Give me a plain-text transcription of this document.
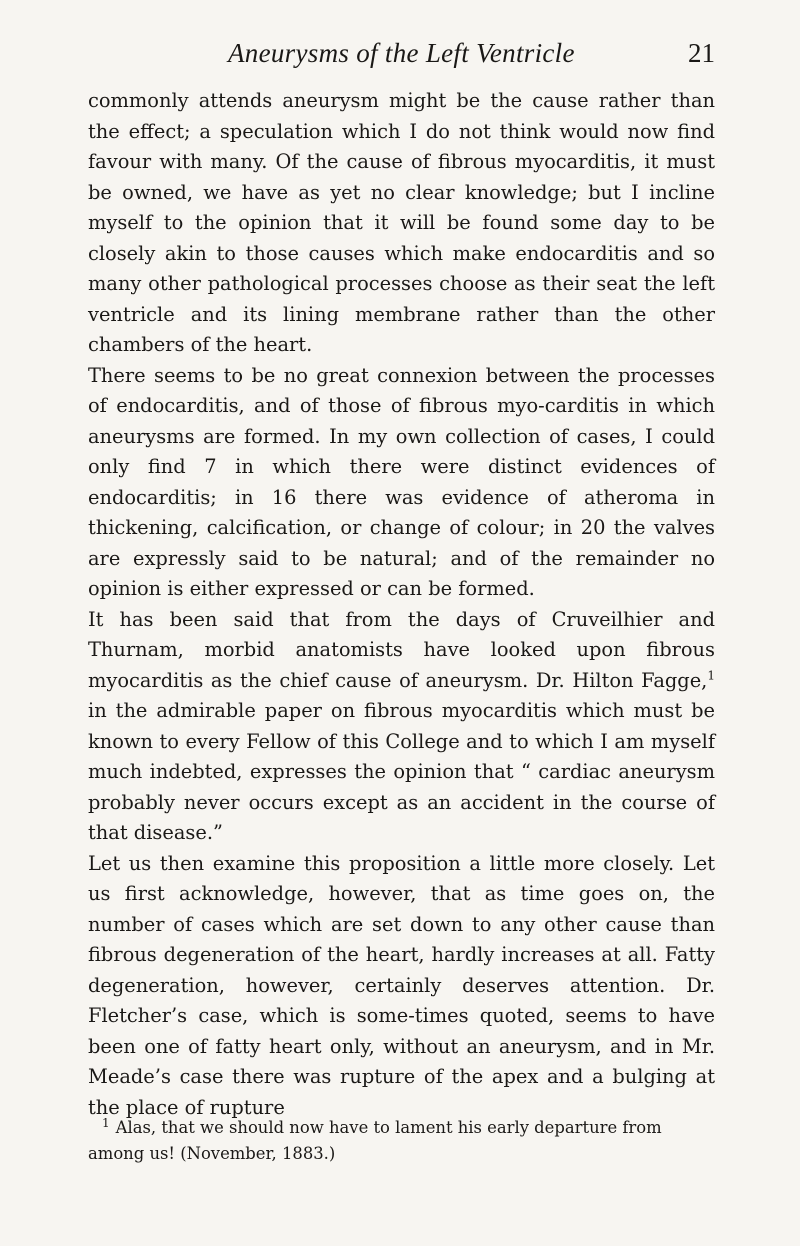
Aneurysms of the Left Ventricle	21

commonly attends aneurysm might be the cause rather than the effect; a speculation which I do not think would now find favour with many. Of the cause of fibrous myocarditis, it must be owned, we have as yet no clear knowledge; but I incline myself to the opinion that it will be found some day to be closely akin to those causes which make endocarditis and so many other pathological processes choose as their seat the left ventricle and its lining membrane rather than the other chambers of the heart.

There seems to be no great connexion between the processes of endocarditis, and of those of fibrous myo-carditis in which aneurysms are formed. In my own collection of cases, I could only find 7 in which there were distinct evidences of endocarditis; in 16 there was evidence of atheroma in thickening, calcification, or change of colour; in 20 the valves are expressly said to be natural; and of the remainder no opinion is either expressed or can be formed.

It has been said that from the days of Cruveilhier and Thurnam, morbid anatomists have looked upon fibrous myocarditis as the chief cause of aneurysm. Dr. Hilton Fagge,$^1$ in the admirable paper on fibrous myocarditis which must be known to every Fellow of this College and to which I am myself much indebted, expresses the opinion that “ cardiac aneurysm probably never occurs except as an accident in the course of that disease.”

Let us then examine this proposition a little more closely. Let us first acknowledge, however, that as time goes on, the number of cases which are set down to any other cause than fibrous degeneration of the heart, hardly increases at all. Fatty degeneration, however, certainly deserves attention. Dr. Fletcher’s case, which is some-times quoted, seems to have been one of fatty heart only, without an aneurysm, and in Mr. Meade’s case there was rupture of the apex and a bulging at the place of rupture

$^1$ Alas, that we should now have to lament his early departure from among us! (November, 1883.)
